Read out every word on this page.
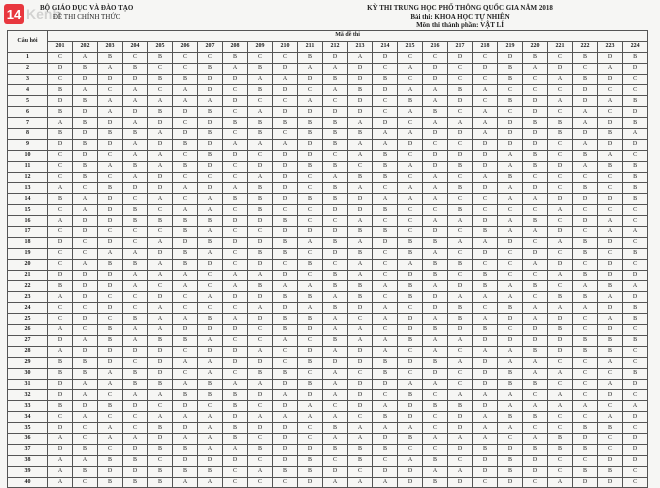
14 Kenh
BỘ GIÁO DỤC VÀ ĐÀO TẠO
ĐỀ THI CHÍNH THỨC
KỲ THI TRUNG HỌC PHỔ THÔNG QUỐC GIA NĂM 2018
Bài thi: KHOA HỌC TỰ NHIÊN
Môn thi thành phần: VẬT LÍ
Câu hỏi	Mã đề thi																							
	201	202	203	204	205	206	207	208	209	210	211	212	213	214	215	216	217	218	219	220	221	222	223	224
1	C	A	B	C	B	C	C	B	C	C	B	D	A	D	C	C	D	C	D	B	C	B	D	B
2	D	B	A	B	C	C	B	A	B	D	A	A	D	C	A	D	C	D	B	A	D	C	A	D
3	C	D	D	D	B	B	D	D	A	A	D	B	D	B	C	D	C	C	B	C	A	B	D	C
4	B	A	C	A	C	A	D	C	B	D	C	A	B	D	A	A	B	A	C	C	C	D	C	C
5	D	B	A	A	A	A	A	D	C	C	A	C	D	C	B	A	D	C	B	D	A	D	A	B
6	B	D	A	D	B	D	B	C	A	D	D	D	D	C	A	B	C	A	C	D	C	A	C	D
7	A	B	D	A	D	C	D	B	B	B	B	B	A	D	C	A	A	A	D	B	B	A	D	B
8	B	D	B	B	A	D	B	C	B	C	B	B	B	A	A	D	D	A	D	D	B	D	B	A
9	D	B	D	A	D	B	D	A	A	A	D	B	A	A	D	C	C	D	D	D	C	A	D	D
10	C	D	C	A	A	C	B	D	C	D	D	C	A	B	C	D	D	D	A	B	C	B	A	C
11	C	B	A	B	A	B	D	C	D	D	B	B	C	B	A	D	B	D	A	B	D	A	B	B
12	C	B	C	A	D	C	C	C	A	D	C	A	B	B	C	A	C	A	B	C	C	C	C	B
13	A	C	B	D	D	A	D	A	B	D	C	B	A	C	A	A	B	D	A	D	C	B	C	B
14	B	A	D	C	A	C	A	B	B	D	B	B	D	A	A	A	C	C	A	A	D	D	D	B
15	C	A	D	B	C	A	A	C	B	C	C	D	D	B	C	C	B	C	C	C	A	C	C	C
16	A	D	D	B	B	B	B	D	D	B	C	C	A	C	C	A	A	D	A	B	C	D	A	C
17	C	D	C	C	C	B	A	C	C	D	D	D	B	B	C	D	C	B	A	A	D	C	A	A
18	D	C	D	C	A	D	B	D	D	B	A	B	A	D	B	B	A	A	D	C	A	B	D	C
19	C	C	A	A	D	B	A	C	B	B	C	D	B	C	B	A	C	D	C	D	C	B	C	B
20	C	A	B	B	A	B	D	C	D	C	B	C	A	C	A	B	B	C	C	A	D	C	D	C
21	D	D	D	A	A	A	C	A	A	D	C	B	A	C	D	B	C	B	C	C	A	B	D	D
22	B	D	D	A	C	A	C	A	B	A	A	B	B	A	B	A	D	B	A	B	C	A	B	A
23	A	D	C	C	D	C	A	D	D	B	B	A	B	C	B	D	A	A	A	C	B	B	A	D
24	C	C	D	C	A	C	C	C	A	D	A	B	D	A	C	D	B	C	B	A	A	A	D	B
25	C	D	C	B	A	A	B	A	D	B	B	A	C	A	D	A	B	A	D	A	D	C	A	B
26	A	C	B	A	A	D	D	D	C	B	D	A	A	C	D	B	D	B	C	D	B	C	D	C
27	D	A	B	A	B	B	A	C	C	A	C	B	A	A	B	A	A	D	D	D	D	B	B	B
28	A	D	D	D	D	C	D	D	A	C	D	A	D	A	C	A	C	A	A	B	D	B	B	C
29	B	B	D	C	D	A	A	D	D	C	B	D	D	B	D	B	A	D	A	A	C	C	A	C
30	B	B	A	B	D	C	A	C	B	B	C	A	C	B	C	D	C	D	B	A	A	C	C	B
31	D	A	A	B	B	A	B	A	A	D	B	A	D	D	A	A	C	D	B	B	C	C	A	D
32	D	A	C	A	A	B	B	B	D	A	D	A	D	C	B	C	A	A	A	C	A	C	D	C
33	B	D	B	D	C	D	C	B	C	D	A	C	D	A	D	B	B	D	A	A	A	A	C	A
34	C	A	C	C	A	A	A	D	A	A	A	A	C	B	D	C	D	A	B	B	C	C	A	D
35	D	C	A	C	B	D	A	B	D	D	C	B	A	A	A	C	D	A	A	C	C	B	B	C
36	A	C	A	A	D	A	A	B	C	D	C	A	A	D	B	A	A	A	C	A	B	D	C	D
37	D	B	C	D	B	B	A	A	B	D	D	B	B	B	C	C	D	B	D	B	B	B	C	D
38	A	A	B	B	C	D	D	D	C	D	B	C	B	C	A	B	C	D	B	D	C	C	D	D
39	A	B	D	D	B	B	B	C	A	B	B	D	C	D	D	A	A	D	B	D	C	B	B	C
40	A	C	B	B	B	A	A	C	C	C	D	A	A	A	D	B	D	C	D	C	A	D	D	C
